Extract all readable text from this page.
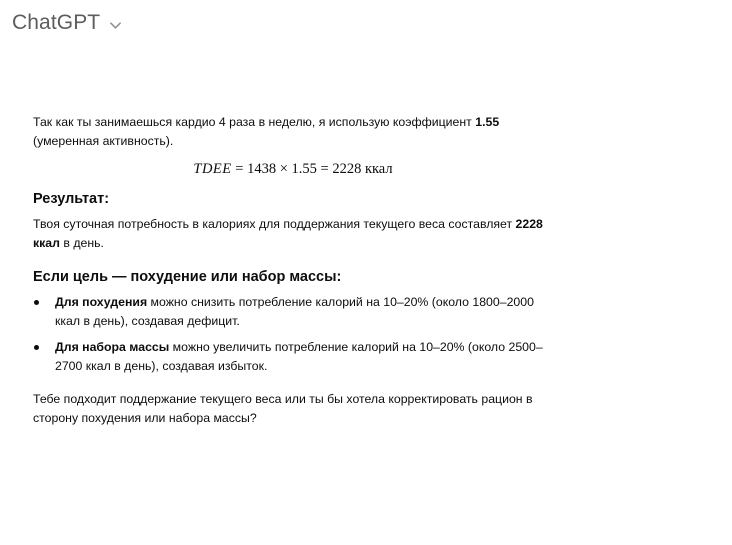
ChatGPT

Так как ты занимаешься кардио 4 раза в неделю, я использую коэффициент 1.55 (умеренная активность).

TDEE = 1438 × 1.55 = 2228 ккал
Результат:

Твоя суточная потребность в калориях для поддержания текущего веса составляет 2228 ккал в день.

Если цель — похудение или набор массы:
Для похудения можно снизить потребление калорий на 10–20% (около 1800–2000 ккал в день), создавая дефицит.
Для набора массы можно увеличить потребление калорий на 10–20% (около 2500–2700 ккал в день), создавая избыток.

Тебе подходит поддержание текущего веса или ты бы хотела корректировать рацион в сторону похудения или набора массы?
